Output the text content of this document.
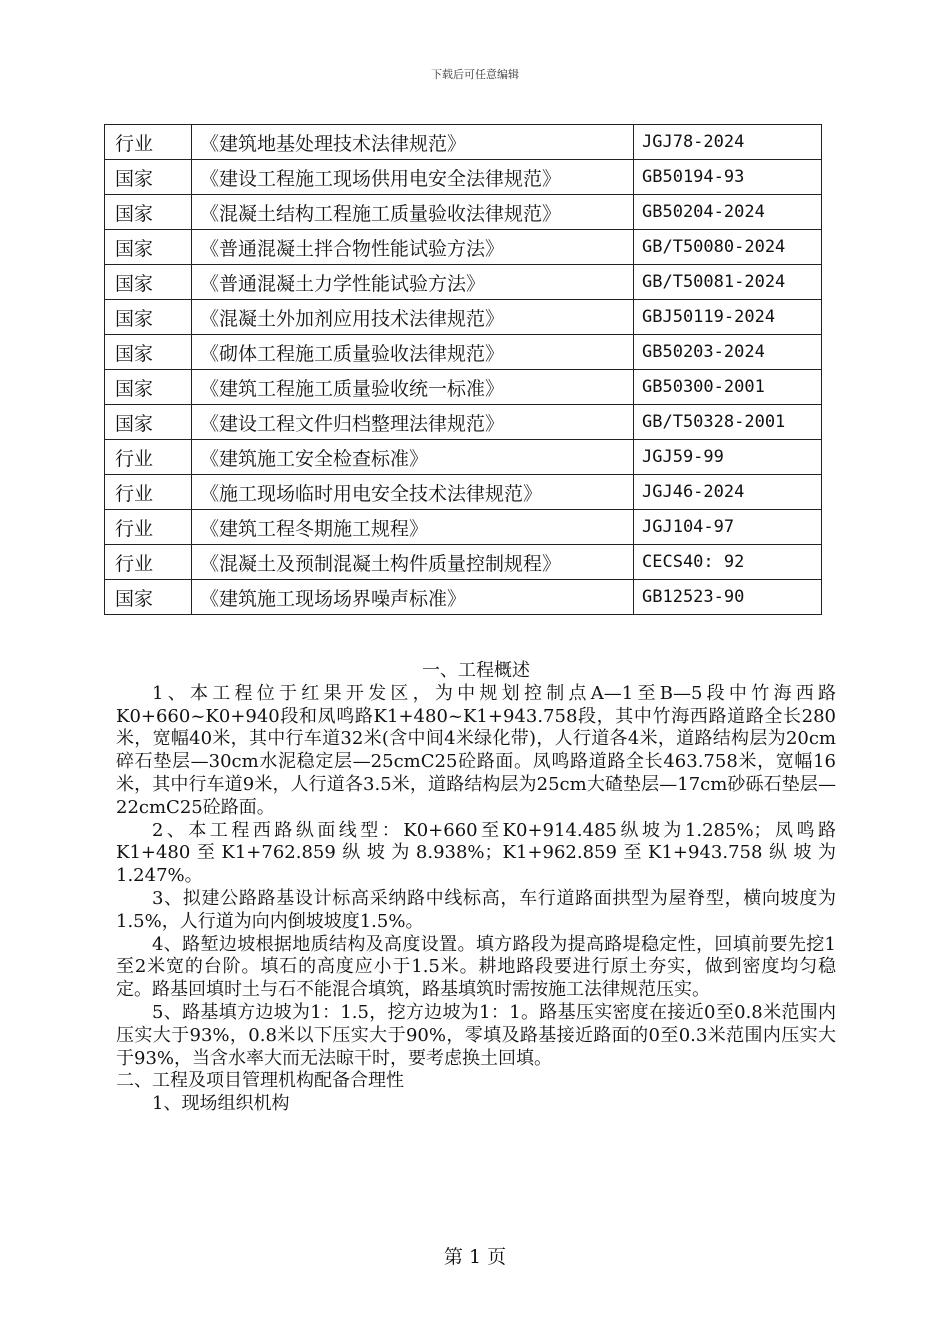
下载后可任意编辑
行业	《建筑地基处理技术法律规范》	JGJ78-2024
国家	《建设工程施工现场供用电安全法律规范》	GB50194-93
国家	《混凝土结构工程施工质量验收法律规范》	GB50204-2024
国家	《普通混凝土拌合物性能试验方法》	GB/T50080-2024
国家	《普通混凝土力学性能试验方法》	GB/T50081-2024
国家	《混凝土外加剂应用技术法律规范》	GBJ50119-2024
国家	《砌体工程施工质量验收法律规范》	GB50203-2024
国家	《建筑工程施工质量验收统一标准》	GB50300-2001
国家	《建设工程文件归档整理法律规范》	GB/T50328-2001
行业	《建筑施工安全检查标准》	JGJ59-99
行业	《施工现场临时用电安全技术法律规范》	JGJ46-2024
行业	《建筑工程冬期施工规程》	JGJ104-97
行业	《混凝土及预制混凝土构件质量控制规程》	CECS40: 92
国家	《建筑施工现场场界噪声标准》	GB12523-90

一、工程概述

1、本工程位于红果开发区，为中规划控制点A—1至B—5段中竹海西路K0+660~K0+940段和凤鸣路K1+480~K1+943.758段，其中竹海西路道路全长280米，宽幅40米，其中行车道32米(含中间4米绿化带)，人行道各4米，道路结构层为20cm碎石垫层—30cm水泥稳定层—25cmC25砼路面。凤鸣路道路全长463.758米，宽幅16米，其中行车道9米，人行道各3.5米，道路结构层为25cm大碴垫层—17cm砂砾石垫层—22cmC25砼路面。

2、本工程西路纵面线型：K0+660至K0+914.485纵坡为1.285%；凤鸣路K1+480至K1+762.859纵坡为8.938%；K1+962.859至K1+943.758纵坡为1.247%。

3、拟建公路路基设计标高采纳路中线标高，车行道路面拱型为屋脊型，横向坡度为1.5%，人行道为向内倒坡坡度1.5%。

4、路堑边坡根据地质结构及高度设置。填方路段为提高路堤稳定性，回填前要先挖1至2米宽的台阶。填石的高度应小于1.5米。耕地路段要进行原土夯实，做到密度均匀稳定。路基回填时土与石不能混合填筑，路基填筑时需按施工法律规范压实。

5、路基填方边坡为1：1.5，挖方边坡为1：1。路基压实密度在接近0至0.8米范围内压实大于93%，0.8米以下压实大于90%，零填及路基接近路面的0至0.3米范围内压实大于93%，当含水率大而无法晾干时，要考虑换土回填。

二、工程及项目管理机构配备合理性

1、现场组织机构

第 1 页
